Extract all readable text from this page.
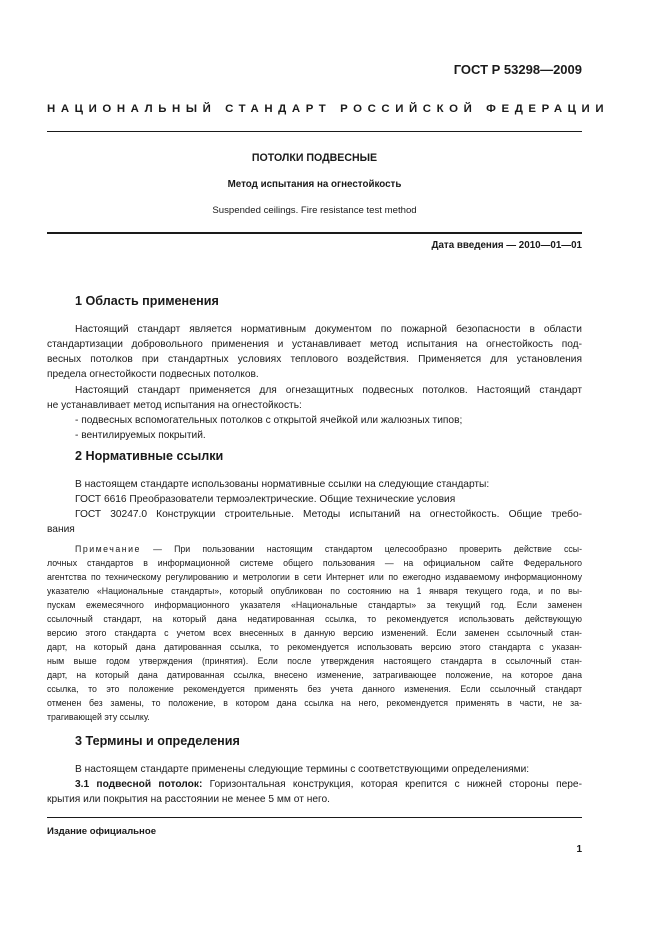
ГОСТ Р 53298—2009
НАЦИОНАЛЬНЫЙ СТАНДАРТ РОССИЙСКОЙ ФЕДЕРАЦИИ
ПОТОЛКИ ПОДВЕСНЫЕ
Метод испытания на огнестойкость
Suspended ceilings. Fire resistance test method
Дата введения — 2010—01—01
1 Область применения
Настоящий стандарт является нормативным документом по пожарной безопасности в области
стандартизации добровольного применения и устанавливает метод испытания на огнестойкость под-
весных потолков при стандартных условиях теплового воздействия. Применяется для установления
предела огнестойкости подвесных потолков.
Настоящий стандарт применяется для огнезащитных подвесных потолков. Настоящий стандарт
не устанавливает метод испытания на огнестойкость:
- подвесных вспомогательных потолков с открытой ячейкой или жалюзных типов;
- вентилируемых покрытий.
2 Нормативные ссылки
В настоящем стандарте использованы нормативные ссылки на следующие стандарты:
ГОСТ 6616 Преобразователи термоэлектрические. Общие технические условия
ГОСТ 30247.0 Конструкции строительные. Методы испытаний на огнестойкость. Общие требо-
вания
Примечание — При пользовании настоящим стандартом целесообразно проверить действие ссы-
лочных стандартов в информационной системе общего пользования — на официальном сайте Федерального
агентства по техническому регулированию и метрологии в сети Интернет или по ежегодно издаваемому информационному
указателю «Национальные стандарты», который опубликован по состоянию на 1 января текущего года, и по вы-
пускам ежемесячного информационного указателя «Национальные стандарты» за текущий год. Если заменен
ссылочный стандарт, на который дана недатированная ссылка, то рекомендуется использовать действующую
версию этого стандарта с учетом всех внесенных в данную версию изменений. Если заменен ссылочный стан-
дарт, на который дана датированная ссылка, то рекомендуется использовать версию этого стандарта с указан-
ным выше годом утверждения (принятия). Если после утверждения настоящего стандарта в ссылочный стан-
дарт, на который дана датированная ссылка, внесено изменение, затрагивающее положение, на которое дана
ссылка, то это положение рекомендуется применять без учета данного изменения. Если ссылочный стандарт
отменен без замены, то положение, в котором дана ссылка на него, рекомендуется применять в части, не за-
трагивающей эту ссылку.
3 Термины и определения
В настоящем стандарте применены следующие термины с соответствующими определениями:
3.1 подвесной потолок: Горизонтальная конструкция, которая крепится с нижней стороны пере-
крытия или покрытия на расстоянии не менее 5 мм от него.
Издание официальное
1
